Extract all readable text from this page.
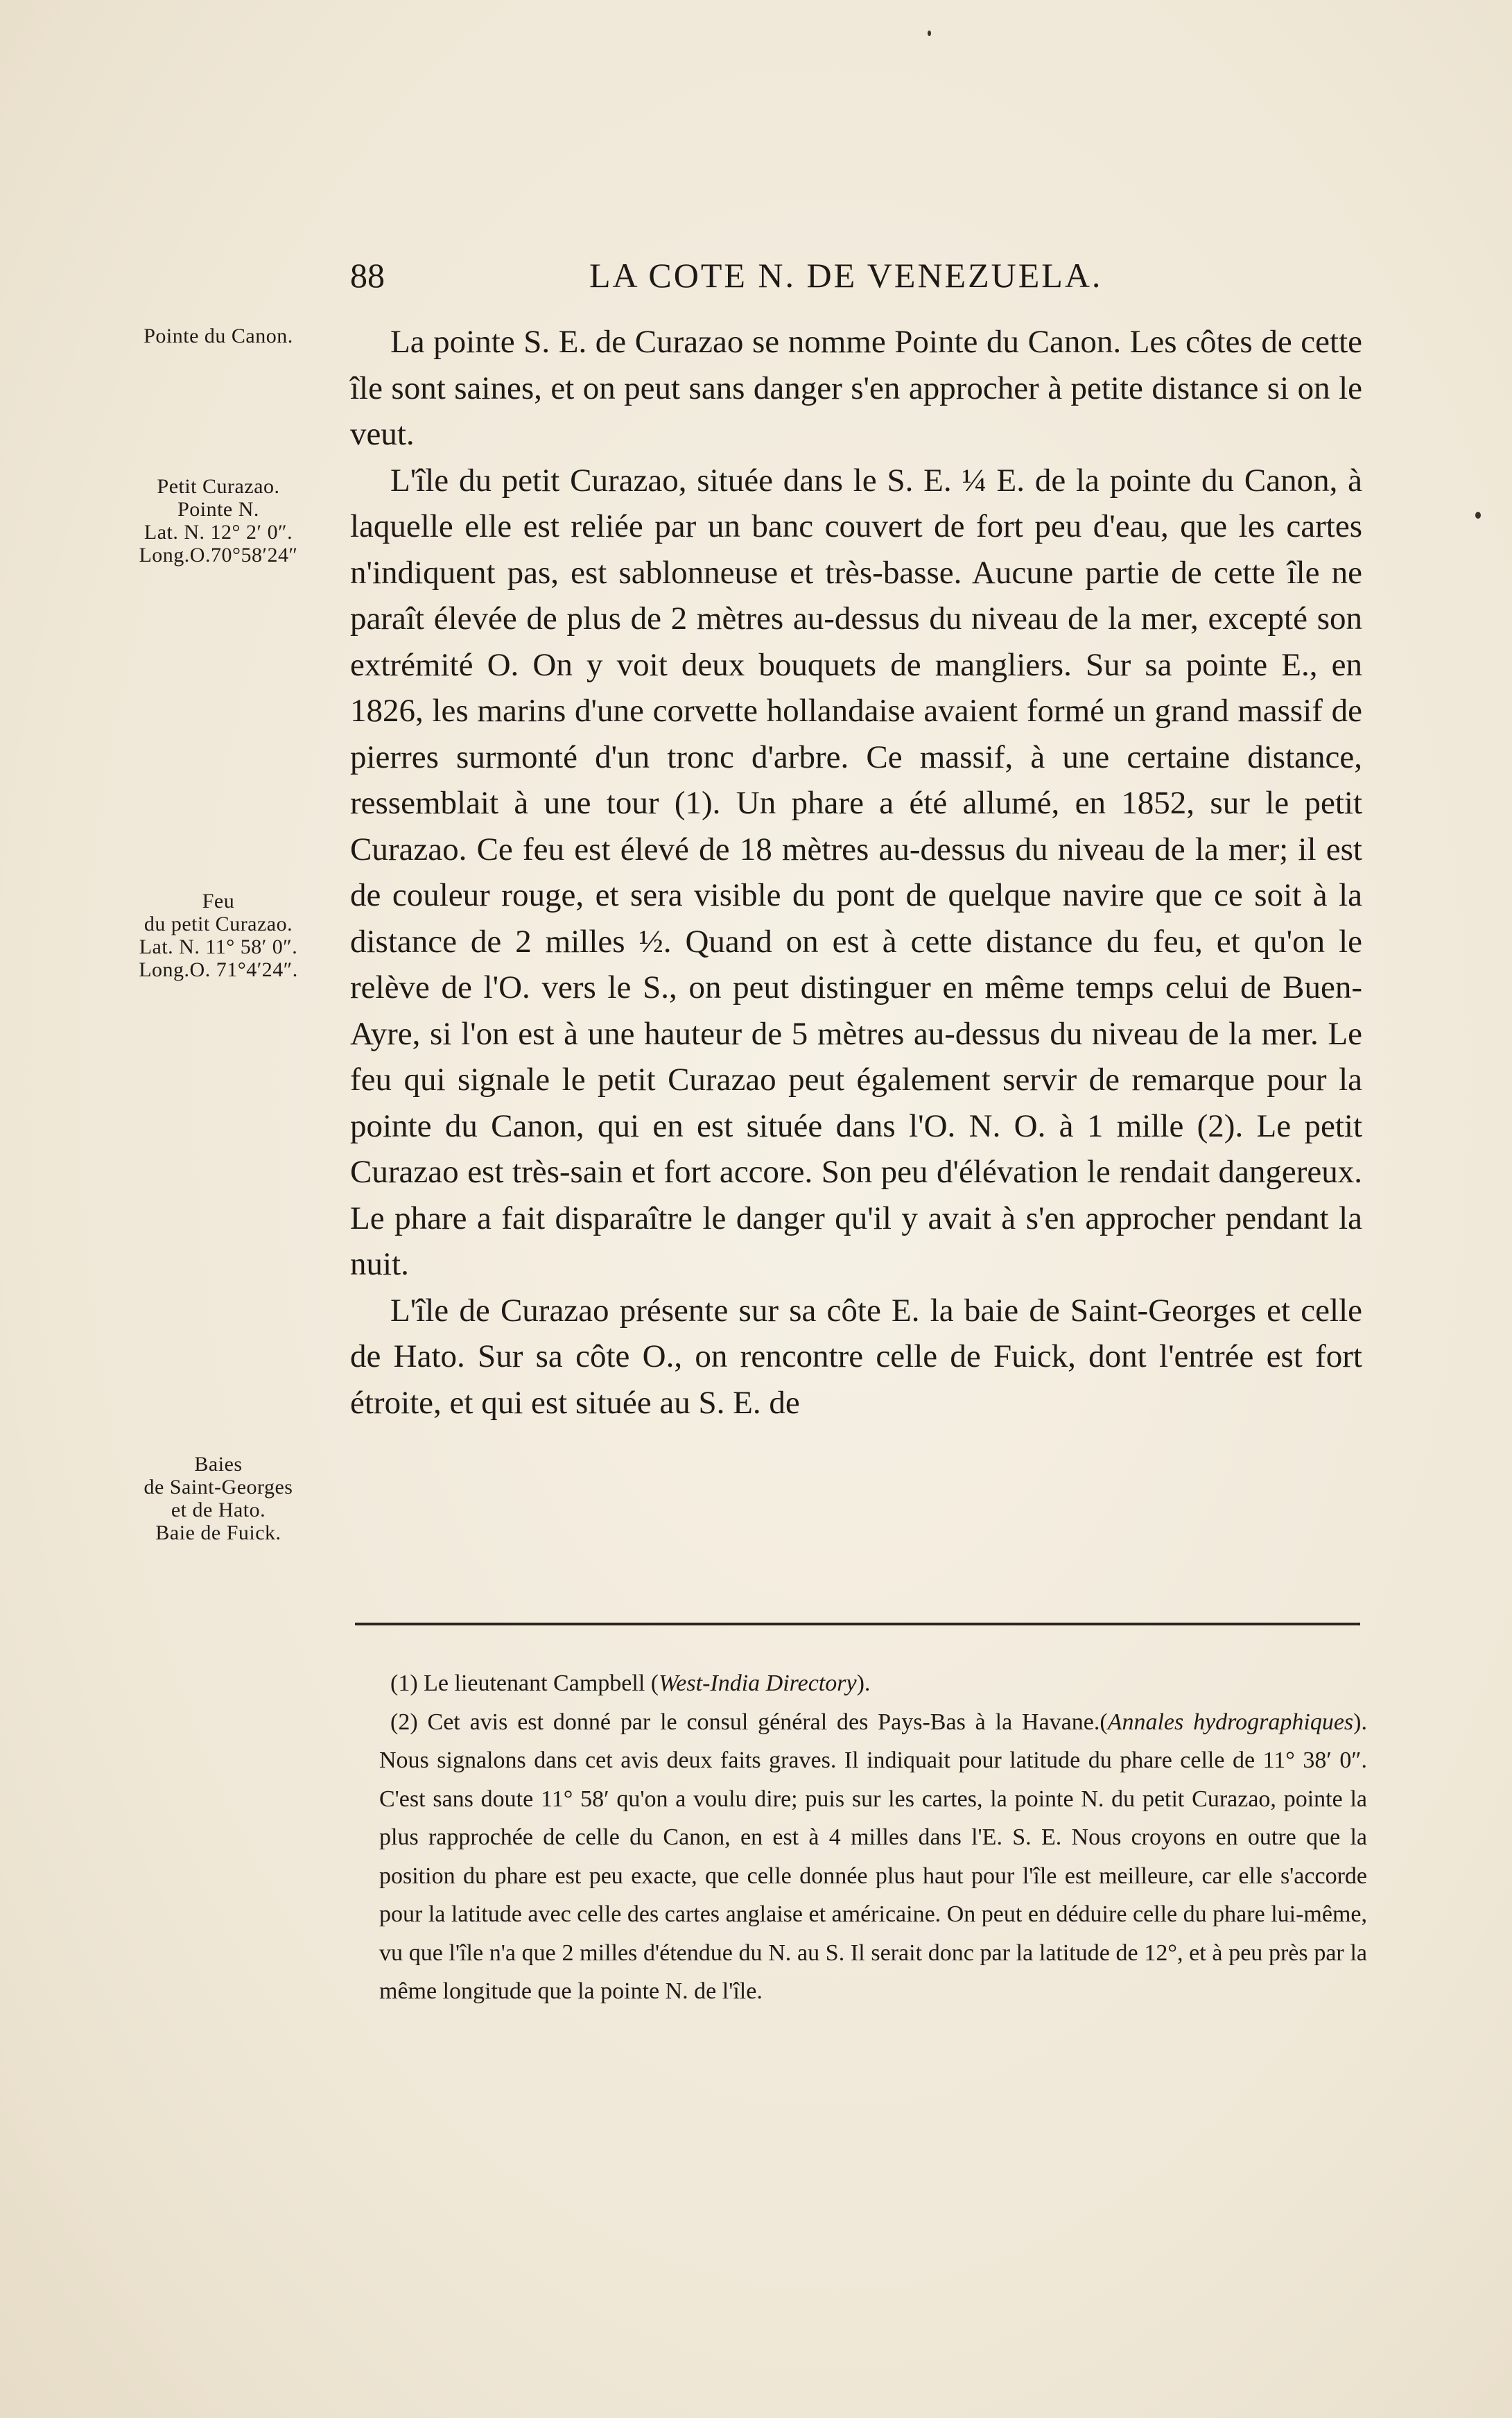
88	LA COTE N. DE VENEZUELA.
Pointe du Canon.
Petit Curazao.
Pointe N.
Lat. N. 12° 2′ 0″.
Long.O.70°58′24″
Feu
du petit Curazao.
Lat. N. 11° 58′ 0″.
Long.O. 71°4′24″.
Baies
de Saint-Georges
et de Hato.
Baie de Fuick.

La pointe S. E. de Curazao se nomme Pointe du Canon. Les côtes de cette île sont saines, et on peut sans danger s'en approcher à petite distance si on le veut.

L'île du petit Curazao, située dans le S. E. ¼ E. de la pointe du Canon, à laquelle elle est reliée par un banc couvert de fort peu d'eau, que les cartes n'indiquent pas, est sablonneuse et très-basse. Aucune partie de cette île ne paraît élevée de plus de 2 mètres au-dessus du niveau de la mer, excepté son extrémité O. On y voit deux bouquets de mangliers. Sur sa pointe E., en 1826, les marins d'une corvette hollandaise avaient formé un grand massif de pierres surmonté d'un tronc d'arbre. Ce massif, à une certaine distance, ressemblait à une tour (1). Un phare a été allumé, en 1852, sur le petit Curazao. Ce feu est élevé de 18 mètres au-dessus du niveau de la mer; il est de couleur rouge, et sera visible du pont de quelque navire que ce soit à la distance de 2 milles ½. Quand on est à cette distance du feu, et qu'on le relève de l'O. vers le S., on peut distinguer en même temps celui de Buen-Ayre, si l'on est à une hauteur de 5 mètres au-dessus du niveau de la mer. Le feu qui signale le petit Curazao peut également servir de remarque pour la pointe du Canon, qui en est située dans l'O. N. O. à 1 mille (2). Le petit Curazao est très-sain et fort accore. Son peu d'élévation le rendait dangereux. Le phare a fait disparaître le danger qu'il y avait à s'en approcher pendant la nuit.

L'île de Curazao présente sur sa côte E. la baie de Saint-Georges et celle de Hato. Sur sa côte O., on rencontre celle de Fuick, dont l'entrée est fort étroite, et qui est située au S. E. de

(1) Le lieutenant Campbell (West-India Directory).

(2) Cet avis est donné par le consul général des Pays-Bas à la Havane.(Annales hydrographiques). Nous signalons dans cet avis deux faits graves. Il indiquait pour latitude du phare celle de 11° 38′ 0″. C'est sans doute 11° 58′ qu'on a voulu dire; puis sur les cartes, la pointe N. du petit Curazao, pointe la plus rapprochée de celle du Canon, en est à 4 milles dans l'E. S. E. Nous croyons en outre que la position du phare est peu exacte, que celle donnée plus haut pour l'île est meilleure, car elle s'accorde pour la latitude avec celle des cartes anglaise et américaine. On peut en déduire celle du phare lui-même, vu que l'île n'a que 2 milles d'étendue du N. au S. Il serait donc par la latitude de 12°, et à peu près par la même longitude que la pointe N. de l'île.
